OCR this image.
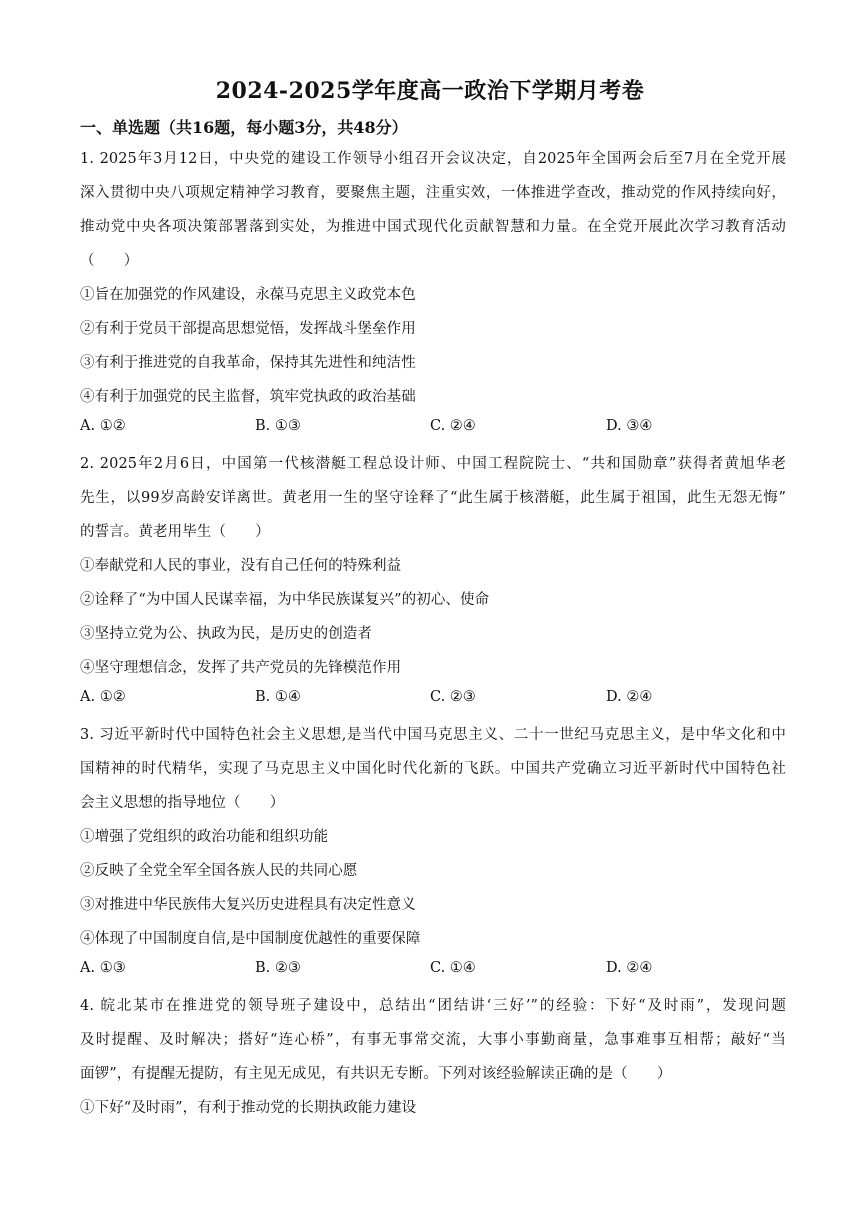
2024-2025学年度高一政治下学期月考卷
一、单选题（共16题，每小题3分，共48分）
1. 2025年3月12日，中央党的建设工作领导小组召开会议决定，自2025年全国两会后至7月在全党开展
深入贯彻中央八项规定精神学习教育，要聚焦主题，注重实效，一体推进学查改，推动党的作风持续向好，
推动党中央各项决策部署落到实处，为推进中国式现代化贡献智慧和力量。在全党开展此次学习教育活动
（　　）
①旨在加强党的作风建设，永葆马克思主义政党本色
②有利于党员干部提高思想觉悟，发挥战斗堡垒作用
③有利于推进党的自我革命，保持其先进性和纯洁性
④有利于加强党的民主监督，筑牢党执政的政治基础
A. ①②	B. ①③	C. ②④	D. ③④
2. 2025年2月6日，中国第一代核潜艇工程总设计师、中国工程院院士、“共和国勋章”获得者黄旭华老
先生，以99岁高龄安详离世。黄老用一生的坚守诠释了“此生属于核潜艇，此生属于祖国，此生无怨无悔”
的誓言。黄老用毕生（　　）
①奉献党和人民的事业，没有自己任何的特殊利益
②诠释了“为中国人民谋幸福，为中华民族谋复兴”的初心、使命
③坚持立党为公、执政为民，是历史的创造者
④坚守理想信念，发挥了共产党员的先锋模范作用
A. ①②	B. ①④	C. ②③	D. ②④
3. 习近平新时代中国特色社会主义思想,是当代中国马克思主义、二十一世纪马克思主义，是中华文化和中
国精神的时代精华，实现了马克思主义中国化时代化新的飞跃。中国共产党确立习近平新时代中国特色社
会主义思想的指导地位（　　）
①增强了党组织的政治功能和组织功能
②反映了全党全军全国各族人民的共同心愿
③对推进中华民族伟大复兴历史进程具有决定性意义
④体现了中国制度自信,是中国制度优越性的重要保障
A. ①③	B. ②③	C. ①④	D. ②④
4. 皖北某市在推进党的领导班子建设中，总结出“团结讲‘三好’”的经验：下好“及时雨”，发现问题
及时提醒、及时解决；搭好“连心桥”，有事无事常交流，大事小事勤商量，急事难事互相帮；敲好“当
面锣”，有提醒无提防，有主见无成见，有共识无专断。下列对该经验解读正确的是（　　）
①下好“及时雨”，有利于推动党的长期执政能力建设
